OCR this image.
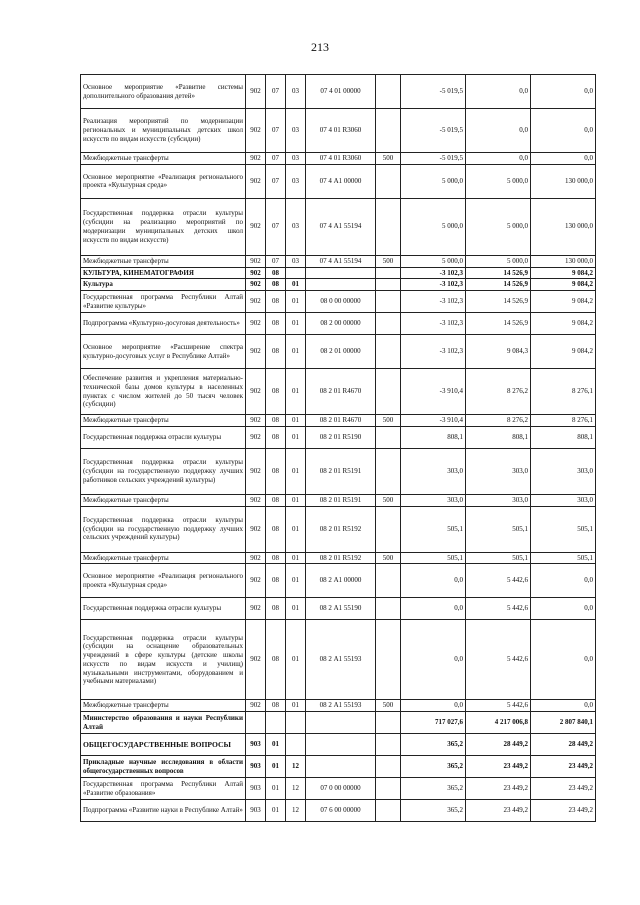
213
Основное мероприятие «Развитие системы дополнительного образования детей»	902	07	03	07 4 01 00000		-5 019,5	0,0	0,0
Реализация мероприятий по модернизации региональных и муниципальных детских школ искусств по видам искусств (субсидии)	902	07	03	07 4 01 R3060		-5 019,5	0,0	0,0
Межбюджетные трансферты	902	07	03	07 4 01 R3060	500	-5 019,5	0,0	0,0
Основное мероприятие «Реализация регионального проекта «Культурная среда»	902	07	03	07 4 А1 00000		5 000,0	5 000,0	130 000,0
Государственная поддержка отрасли культуры (субсидии на реализацию мероприятий по модернизации муниципальных детских школ искусств по видам искусств)	902	07	03	07 4 А1 55194		5 000,0	5 000,0	130 000,0
Межбюджетные трансферты	902	07	03	07 4 А1 55194	500	5 000,0	5 000,0	130 000,0
КУЛЬТУРА, КИНЕМАТОГРАФИЯ	902	08				-3 102,3	14 526,9	9 084,2
Культура	902	08	01			-3 102,3	14 526,9	9 084,2
Государственная программа Республики Алтай «Развитие культуры»	902	08	01	08 0 00 00000		-3 102,3	14 526,9	9 084,2
Подпрограмма «Культурно-досуговая деятельность»	902	08	01	08 2 00 00000		-3 102,3	14 526,9	9 084,2
Основное мероприятие «Расширение спектра культурно-досуговых услуг в Республике Алтай»	902	08	01	08 2 01 00000		-3 102,3	9 084,3	9 084,2
Обеспечение развития и укрепления материально-технической базы домов культуры в населенных пунктах с числом жителей до 50 тысяч человек (субсидии)	902	08	01	08 2 01 R4670		-3 910,4	8 276,2	8 276,1
Межбюджетные трансферты	902	08	01	08 2 01 R4670	500	-3 910,4	8 276,2	8 276,1
Государственная поддержка отрасли культуры	902	08	01	08 2 01 R5190		808,1	808,1	808,1
Государственная поддержка отрасли культуры (субсидии на государственную поддержку лучших работников сельских учреждений культуры)	902	08	01	08 2 01 R5191		303,0	303,0	303,0
Межбюджетные трансферты	902	08	01	08 2 01 R5191	500	303,0	303,0	303,0
Государственная поддержка отрасли культуры (субсидии на государственную поддержку лучших сельских учреждений культуры)	902	08	01	08 2 01 R5192		505,1	505,1	505,1
Межбюджетные трансферты	902	08	01	08 2 01 R5192	500	505,1	505,1	505,1
Основное мероприятие «Реализация регионального проекта «Культурная среда»	902	08	01	08 2 А1 00000		0,0	5 442,6	0,0
Государственная поддержка отрасли культуры	902	08	01	08 2 А1 55190		0,0	5 442,6	0,0
Государственная поддержка отрасли культуры (субсидии на оснащение образовательных учреждений в сфере культуры (детские школы искусств по видам искусств и училищ) музыкальными инструментами, оборудованием и учебными материалами)	902	08	01	08 2 А1 55193		0,0	5 442,6	0,0
Межбюджетные трансферты	902	08	01	08 2 А1 55193	500	0,0	5 442,6	0,0
Министерство образования и науки Республики Алтай						717 027,6	4 217 006,8	2 807 840,1
ОБЩЕГОСУДАРСТВЕННЫЕ ВОПРОСЫ	903	01				365,2	28 449,2	28 449,2
Прикладные научные исследования в области общегосударственных вопросов	903	01	12			365,2	23 449,2	23 449,2
Государственная программа Республики Алтай «Развитие образования»	903	01	12	07 0 00 00000		365,2	23 449,2	23 449,2
Подпрограмма «Развитие науки в Республике Алтай»	903	01	12	07 6 00 00000		365,2	23 449,2	23 449,2
